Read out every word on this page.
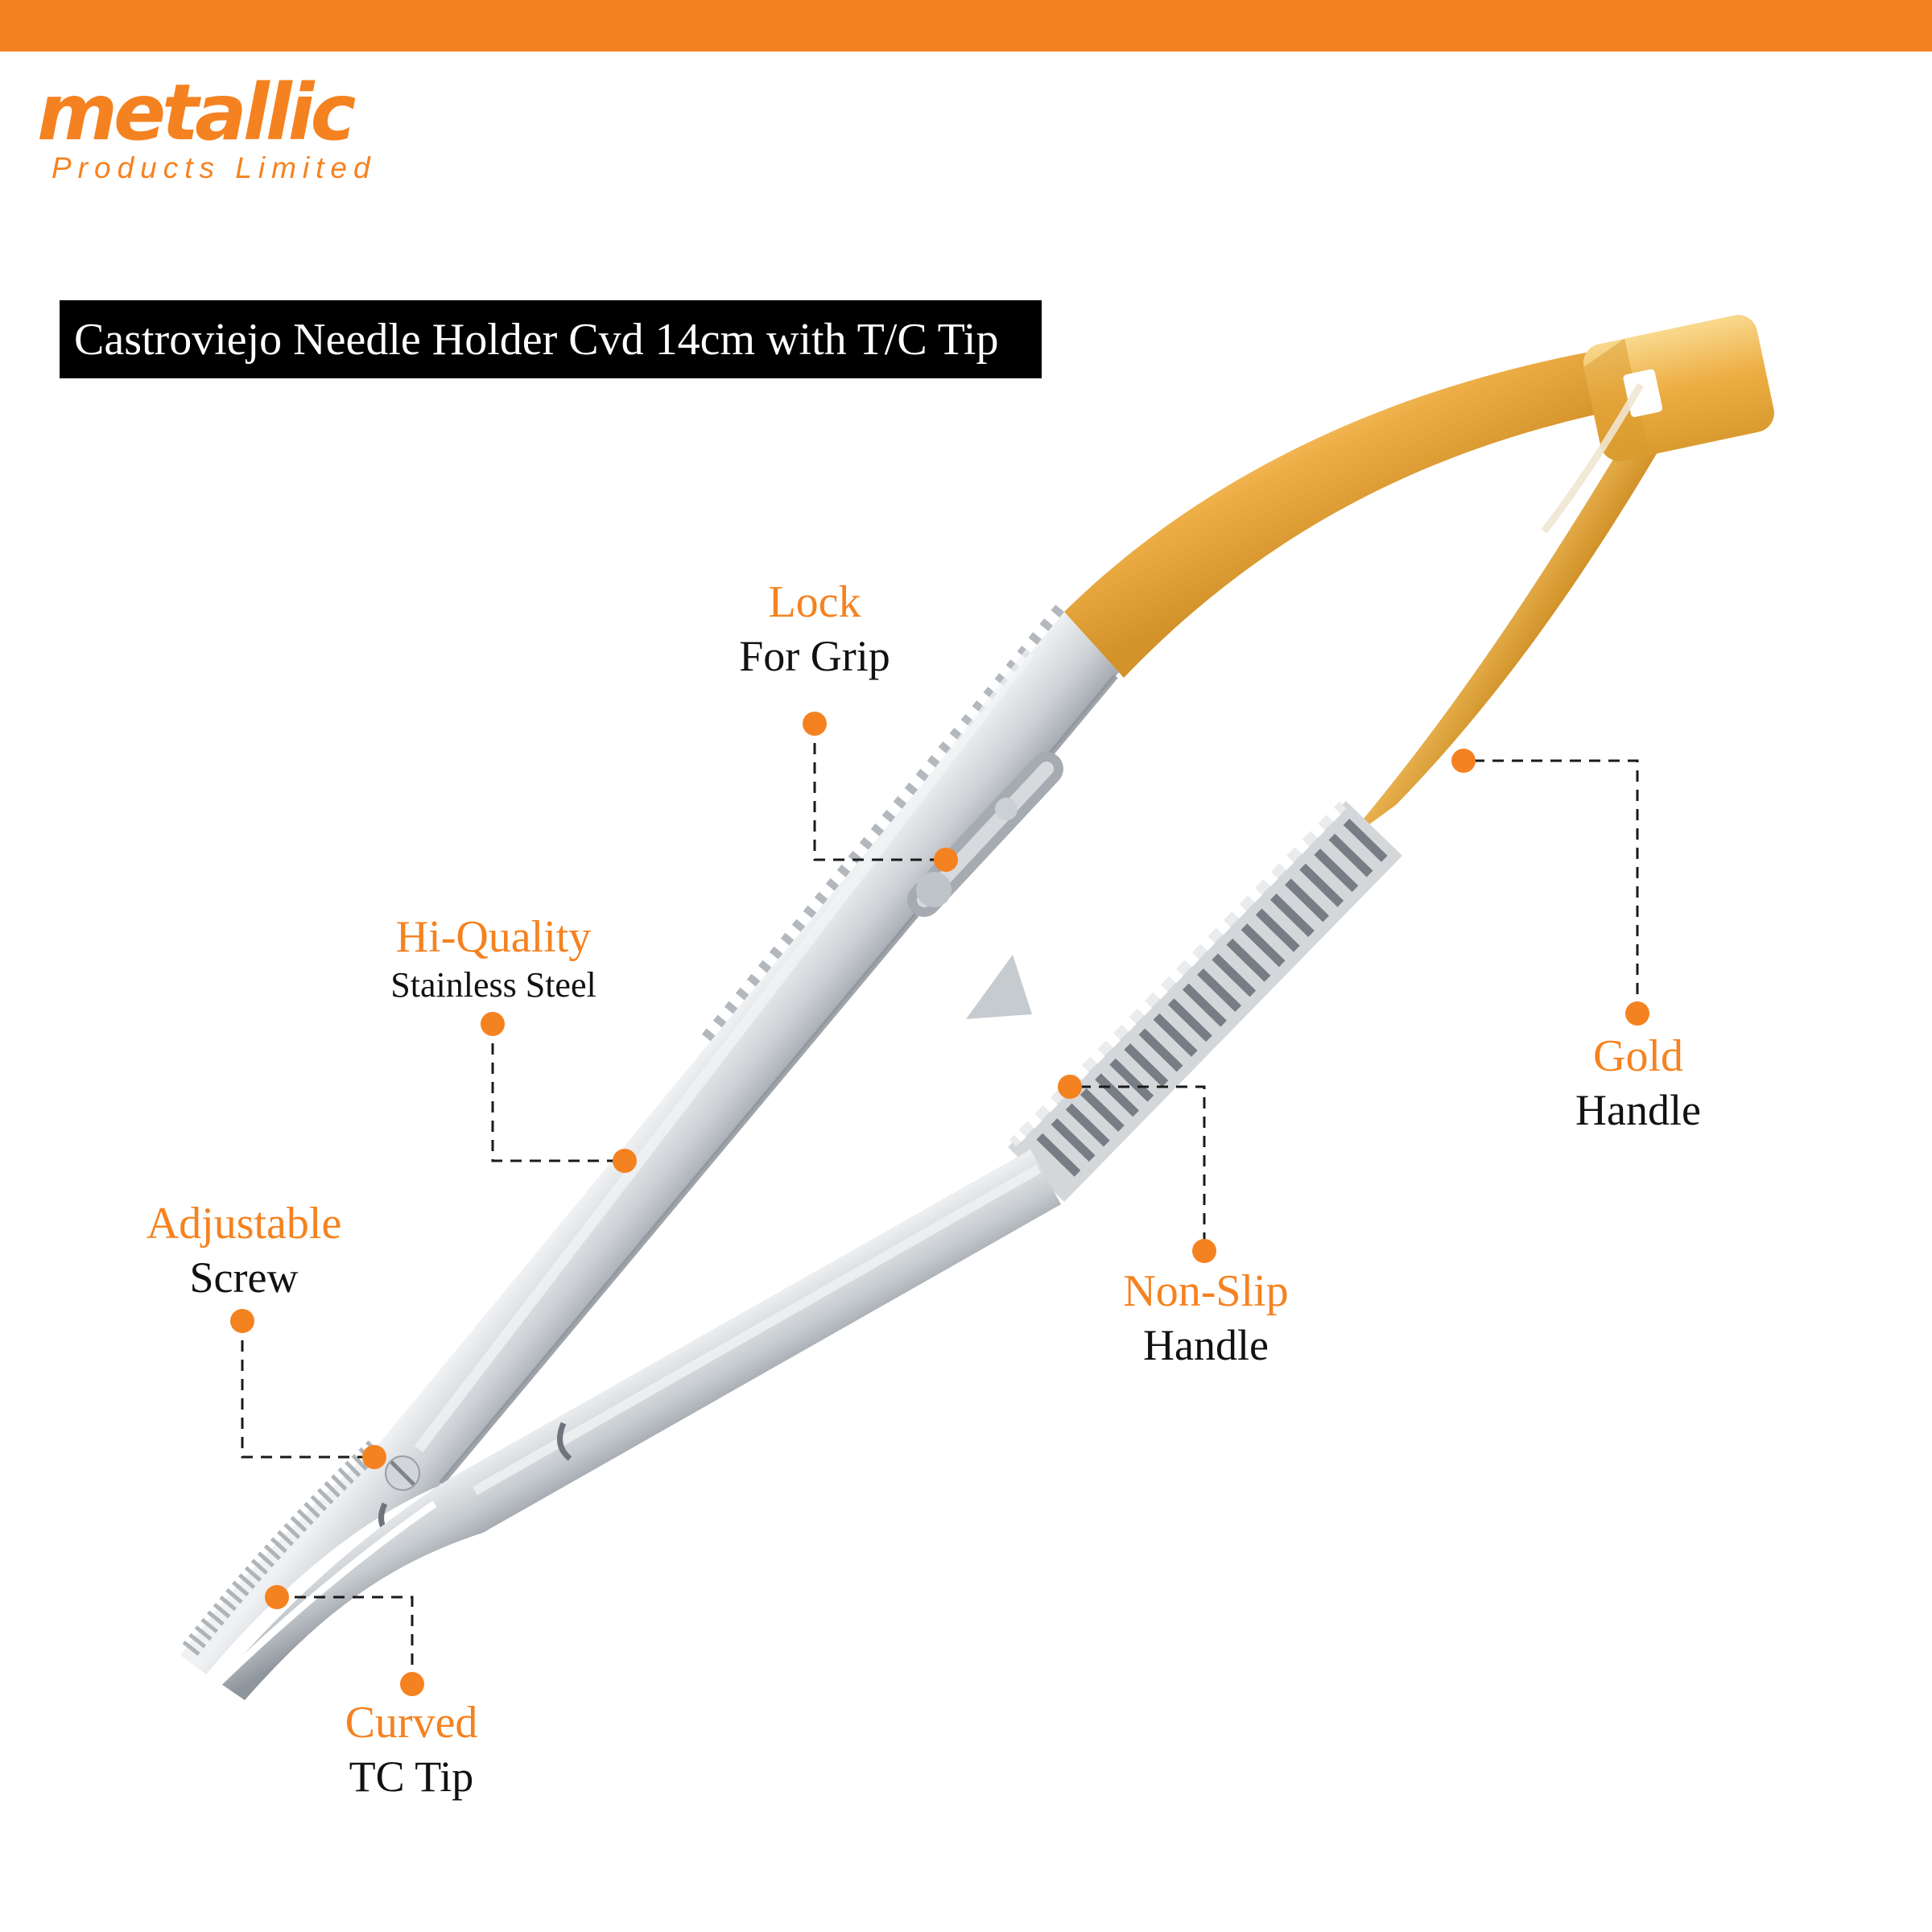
metallic
Products Limited
Castroviejo Needle Holder Cvd 14cm with T/C Tip
Lock
For Grip
Hi-Quality
Stainless Steel
Adjustable
Screw
Curved
TC Tip
Non-Slip
Handle
Gold
Handle
